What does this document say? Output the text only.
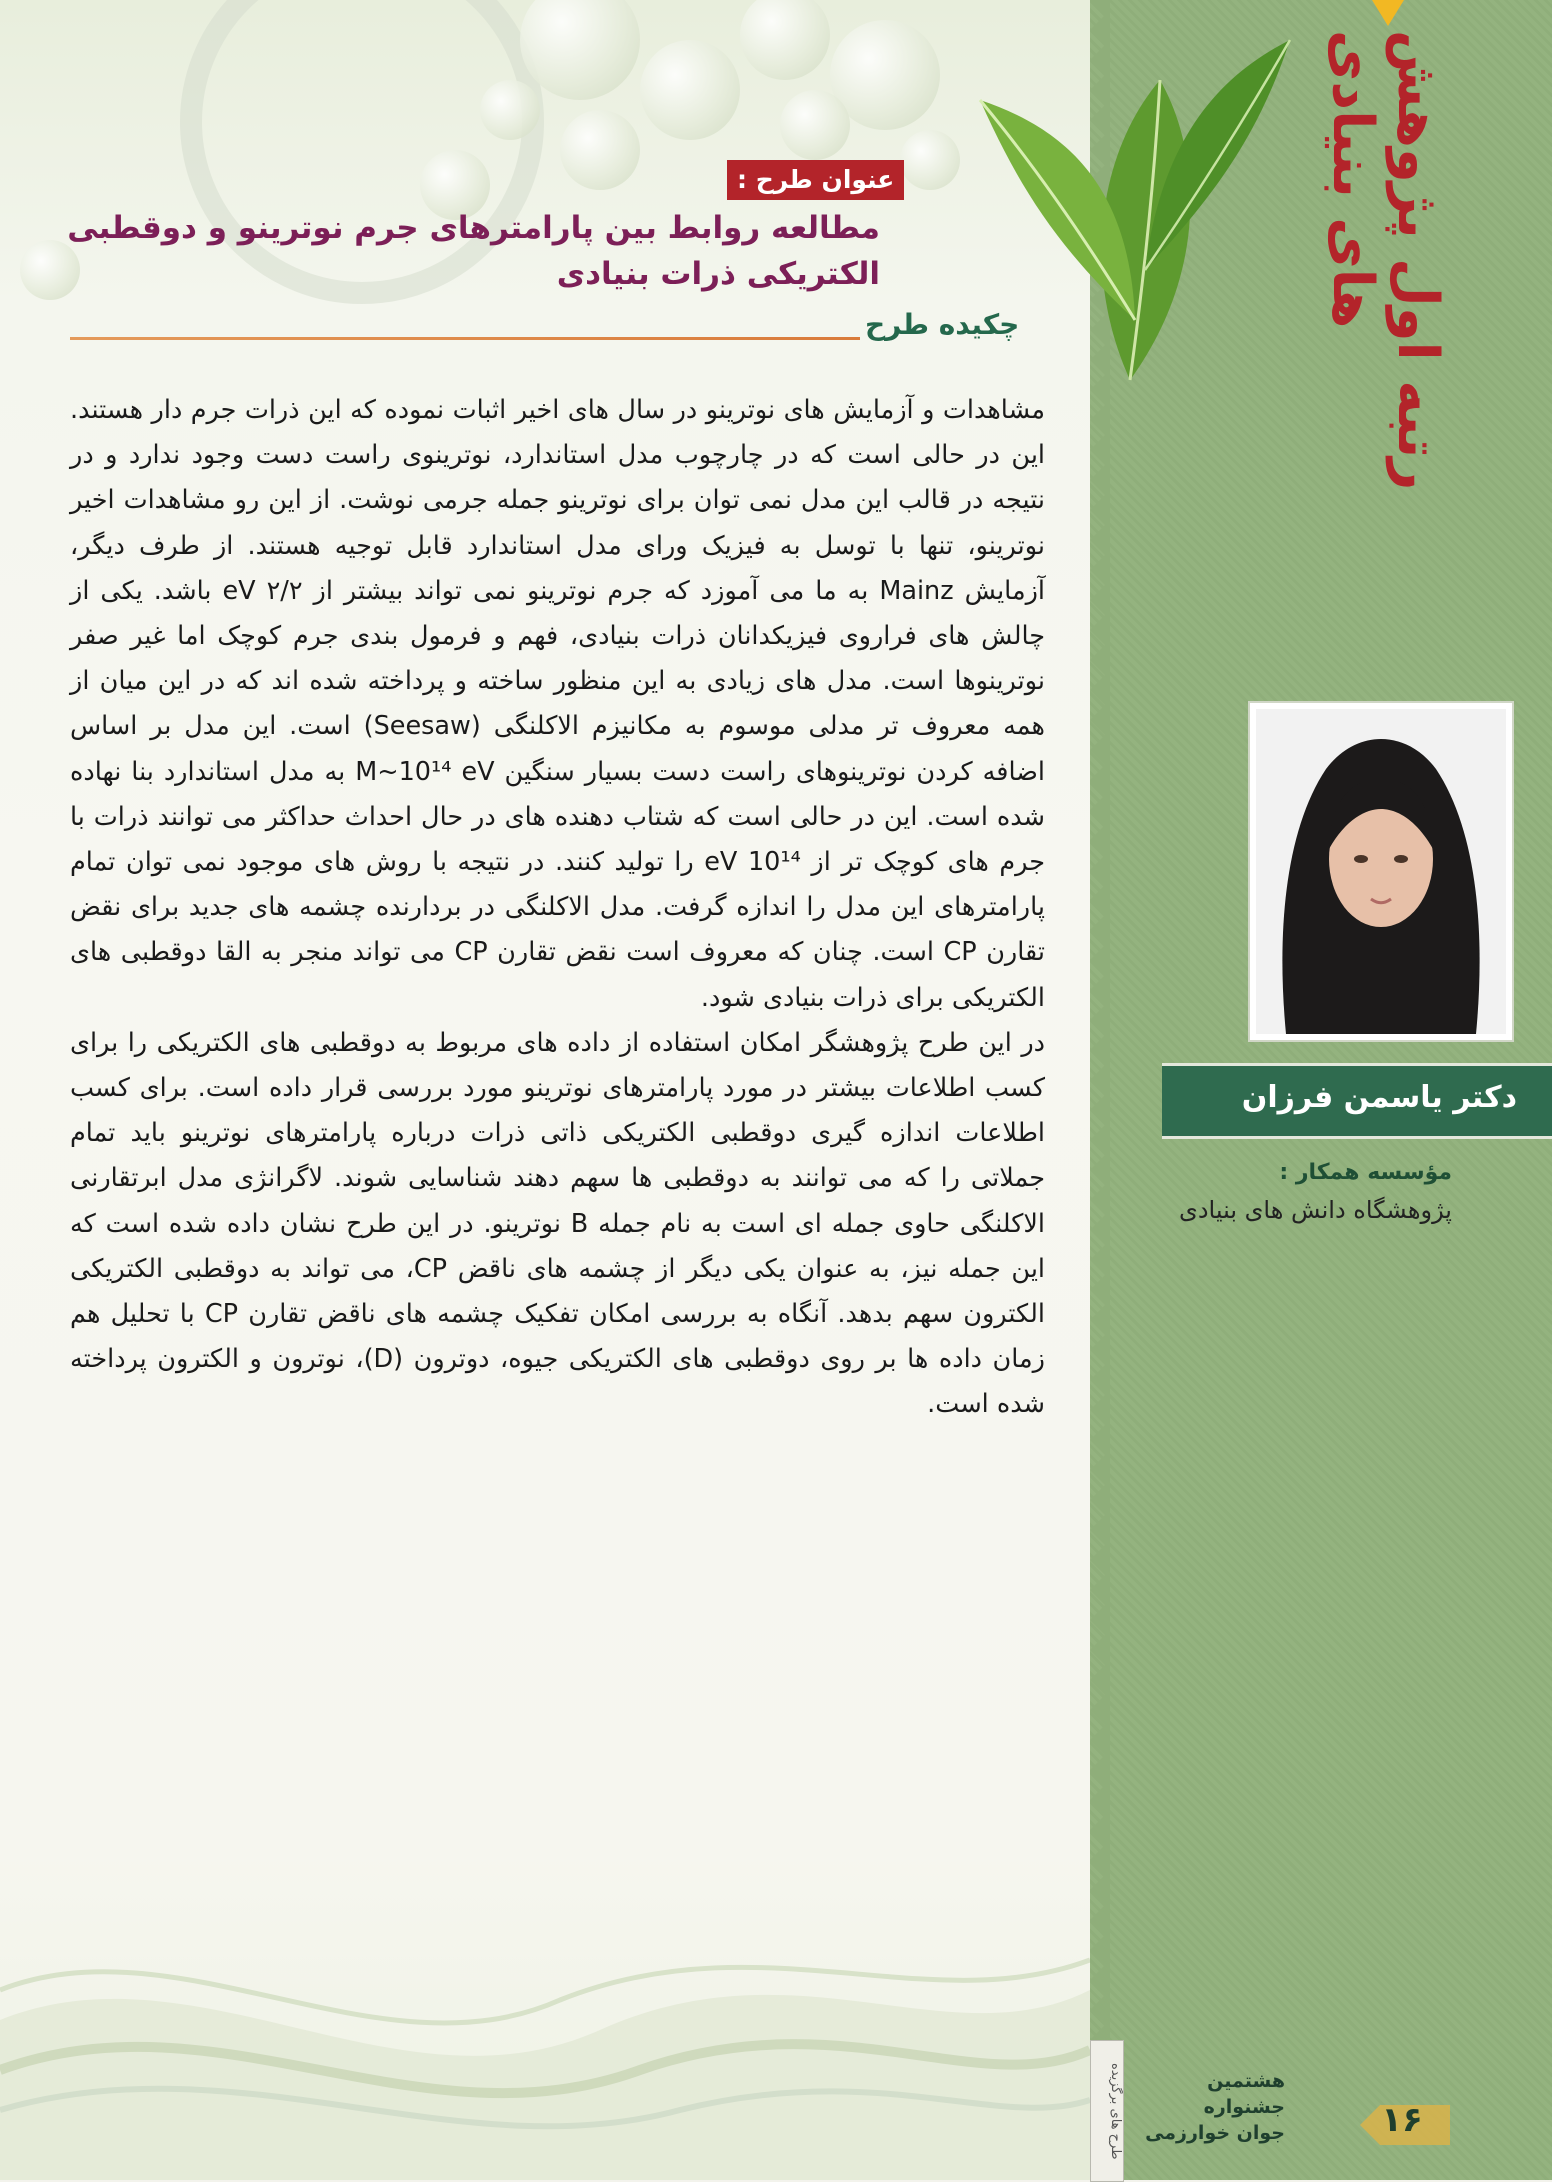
رتبه اول پژوهش های بنیادی
دکتر یاسمن فرزان
مؤسسه همکار :
پژوهشگاه دانش های بنیادی
عنوان طرح :
مطالعه روابط بین پارامترهای جرم نوترینو و دوقطبی الکتریکی ذرات بنیادی
چکیده طرح

مشاهدات و آزمایش های نوترینو در سال های اخیر اثبات نموده که این ذرات جرم دار هستند. این در حالی است که در چارچوب مدل استاندارد، نوترینوی راست دست وجود ندارد و در نتیجه در قالب این مدل نمی توان برای نوترینو جمله جرمی نوشت. از این رو مشاهدات اخیر نوترینو، تنها با توسل به فیزیک ورای مدل استاندارد قابل توجیه هستند. از طرف دیگر، آزمایش Mainz به ما می آموزد که جرم نوترینو نمی تواند بیشتر از ۲/۲ eV باشد. یکی از چالش های فراروی فیزیکدانان ذرات بنیادی، فهم و فرمول بندی جرم کوچک اما غیر صفر نوترینوها است. مدل های زیادی به این منظور ساخته و پرداخته شده اند که در این میان از همه معروف تر مدلی موسوم به مکانیزم الاکلنگی (Seesaw) است. این مدل بر اساس اضافه کردن نوترینوهای راست دست بسیار سنگین M~10¹⁴ eV به مدل استاندارد بنا نهاده شده است. این در حالی است که شتاب دهنده های در حال احداث حداکثر می توانند ذرات با جرم های کوچک تر از 10¹⁴ eV را تولید کنند. در نتیجه با روش های موجود نمی توان تمام پارامترهای این مدل را اندازه گرفت. مدل الاکلنگی در بردارنده چشمه های جدید برای نقض تقارن CP است. چنان که معروف است نقض تقارن CP می تواند منجر به القا دوقطبی های الکتریکی برای ذرات بنیادی شود.

در این طرح پژوهشگر امکان استفاده از داده های مربوط به دوقطبی های الکتریکی را برای کسب اطلاعات بیشتر در مورد پارامترهای نوترینو مورد بررسی قرار داده است. برای کسب اطلاعات اندازه گیری دوقطبی الکتریکی ذاتی ذرات درباره پارامترهای نوترینو باید تمام جملاتی را که می توانند به دوقطبی ها سهم دهند شناسایی شوند. لاگرانژی مدل ابرتقارنی الاکلنگی حاوی جمله ای است به نام جمله B نوترینو. در این طرح نشان داده شده است که این جمله نیز، به عنوان یکی دیگر از چشمه های ناقض CP، می تواند به دوقطبی الکتریکی الکترون سهم بدهد. آنگاه به بررسی امکان تفکیک چشمه های ناقض تقارن CP با تحلیل هم زمان داده ها بر روی دوقطبی های الکتریکی جیوه، دوترون (D)، نوترون و الکترون پرداخته شده است.

طرح های برگزیده	هشتمین
جشنواره
جوان خوارزمی	۱۶
